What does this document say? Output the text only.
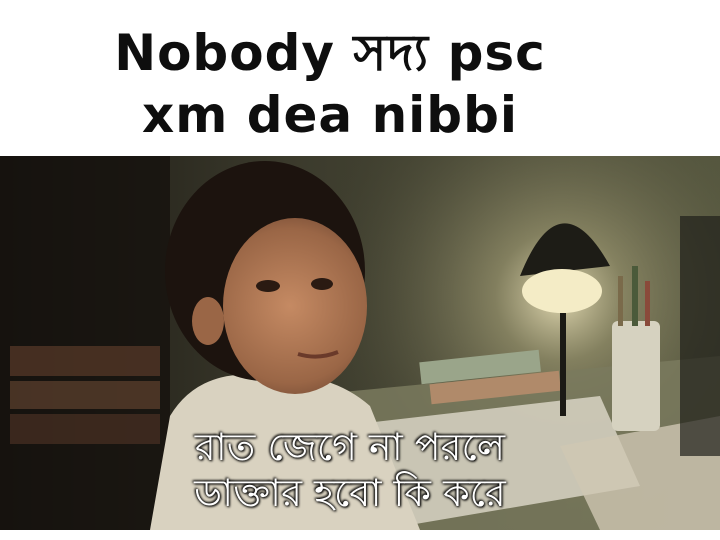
Nobody সদ্য psc
xm dea nibbi
রাত জেগে না পরলে
ডাক্তার হবো কি করে
